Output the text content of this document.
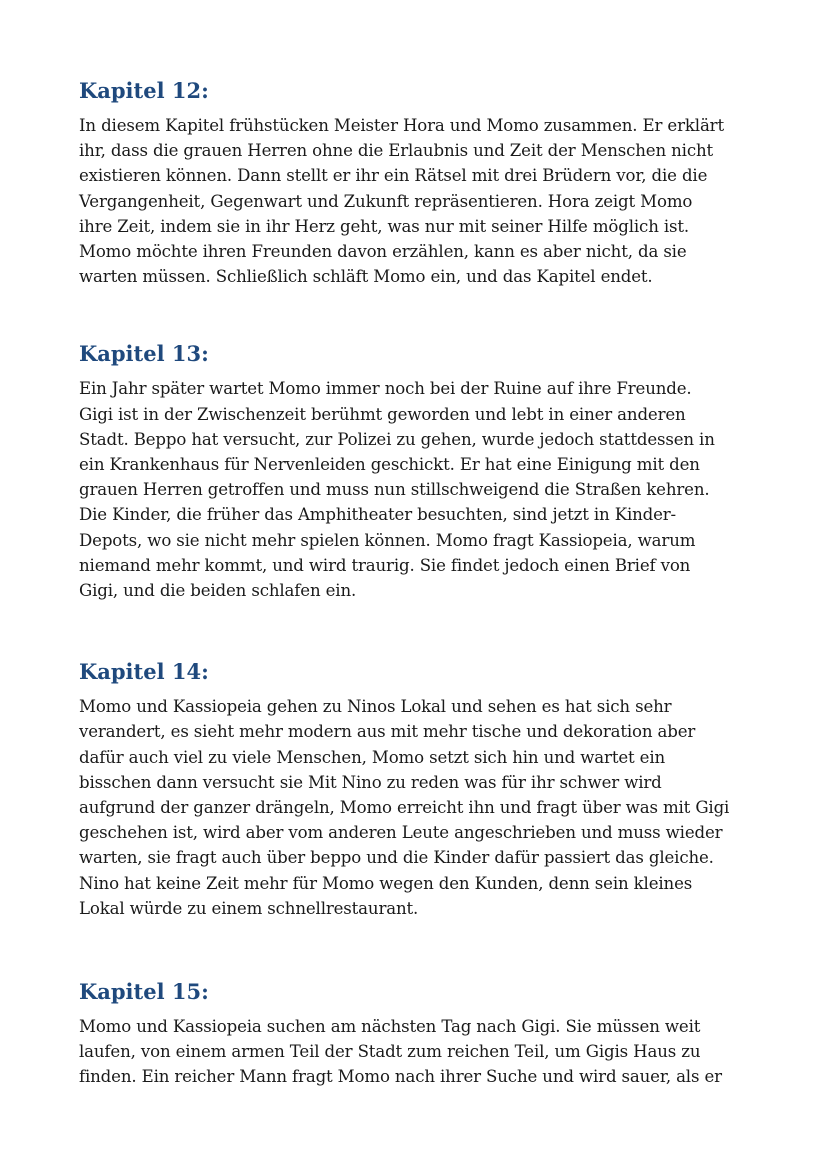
Kapitel 12:

In diesem Kapitel frühstücken Meister Hora und Momo zusammen. Er erklärt
ihr, dass die grauen Herren ohne die Erlaubnis und Zeit der Menschen nicht
existieren können. Dann stellt er ihr ein Rätsel mit drei Brüdern vor, die die
Vergangenheit, Gegenwart und Zukunft repräsentieren. Hora zeigt Momo
ihre Zeit, indem sie in ihr Herz geht, was nur mit seiner Hilfe möglich ist.
Momo möchte ihren Freunden davon erzählen, kann es aber nicht, da sie
warten müssen. Schließlich schläft Momo ein, und das Kapitel endet.

Kapitel 13:

Ein Jahr später wartet Momo immer noch bei der Ruine auf ihre Freunde.
Gigi ist in der Zwischenzeit berühmt geworden und lebt in einer anderen
Stadt. Beppo hat versucht, zur Polizei zu gehen, wurde jedoch stattdessen in
ein Krankenhaus für Nervenleiden geschickt. Er hat eine Einigung mit den
grauen Herren getroffen und muss nun stillschweigend die Straßen kehren.
Die Kinder, die früher das Amphitheater besuchten, sind jetzt in Kinder-
Depots, wo sie nicht mehr spielen können. Momo fragt Kassiopeia, warum
niemand mehr kommt, und wird traurig. Sie findet jedoch einen Brief von
Gigi, und die beiden schlafen ein.

Kapitel 14:

Momo und Kassiopeia gehen zu Ninos Lokal und sehen es hat sich sehr
verandert, es sieht mehr modern aus mit mehr tische und dekoration aber
dafür auch viel zu viele Menschen, Momo setzt sich hin und wartet ein
bisschen dann versucht sie Mit Nino zu reden was für ihr schwer wird
aufgrund der ganzer drängeln, Momo erreicht ihn und fragt über was mit Gigi
geschehen ist, wird aber vom anderen Leute angeschrieben und muss wieder
warten, sie fragt auch über beppo und die Kinder dafür passiert das gleiche.
Nino hat keine Zeit mehr für Momo wegen den Kunden, denn sein kleines
Lokal würde zu einem schnellrestaurant.

Kapitel 15:

Momo und Kassiopeia suchen am nächsten Tag nach Gigi. Sie müssen weit
laufen, von einem armen Teil der Stadt zum reichen Teil, um Gigis Haus zu
finden. Ein reicher Mann fragt Momo nach ihrer Suche und wird sauer, als er
